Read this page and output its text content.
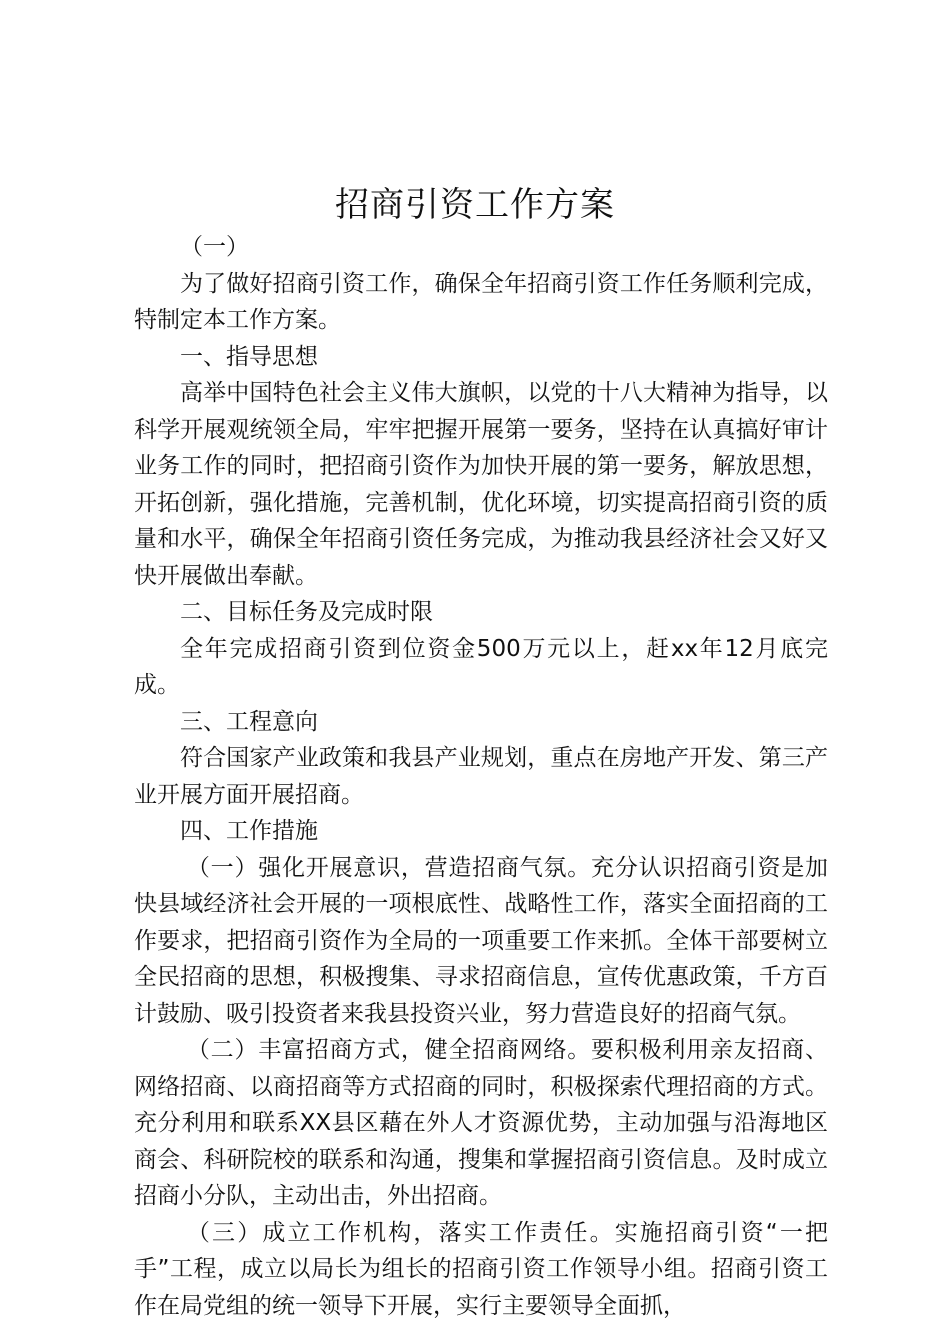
招商引资工作方案

（一）

为了做好招商引资工作，确保全年招商引资工作任务顺利完成，特制定本工作方案。

一、指导思想

高举中国特色社会主义伟大旗帜，以党的十八大精神为指导，以科学开展观统领全局，牢牢把握开展第一要务，坚持在认真搞好审计业务工作的同时，把招商引资作为加快开展的第一要务，解放思想，开拓创新，强化措施，完善机制，优化环境，切实提高招商引资的质量和水平，确保全年招商引资任务完成，为推动我县经济社会又好又快开展做出奉献。

二、目标任务及完成时限

全年完成招商引资到位资金500万元以上，赶xx年12月底完成。

三、工程意向

符合国家产业政策和我县产业规划，重点在房地产开发、第三产业开展方面开展招商。

四、工作措施

（一）强化开展意识，营造招商气氛。充分认识招商引资是加快县域经济社会开展的一项根底性、战略性工作，落实全面招商的工作要求，把招商引资作为全局的一项重要工作来抓。全体干部要树立全民招商的思想，积极搜集、寻求招商信息，宣传优惠政策，千方百计鼓励、吸引投资者来我县投资兴业，努力营造良好的招商气氛。

（二）丰富招商方式，健全招商网络。要积极利用亲友招商、网络招商、以商招商等方式招商的同时，积极探索代理招商的方式。充分利用和联系XX县区藉在外人才资源优势，主动加强与沿海地区商会、科研院校的联系和沟通，搜集和掌握招商引资信息。及时成立招商小分队，主动出击，外出招商。

（三）成立工作机构，落实工作责任。实施招商引资“一把手”工程，成立以局长为组长的招商引资工作领导小组。招商引资工作在局党组的统一领导下开展，实行主要领导全面抓，
